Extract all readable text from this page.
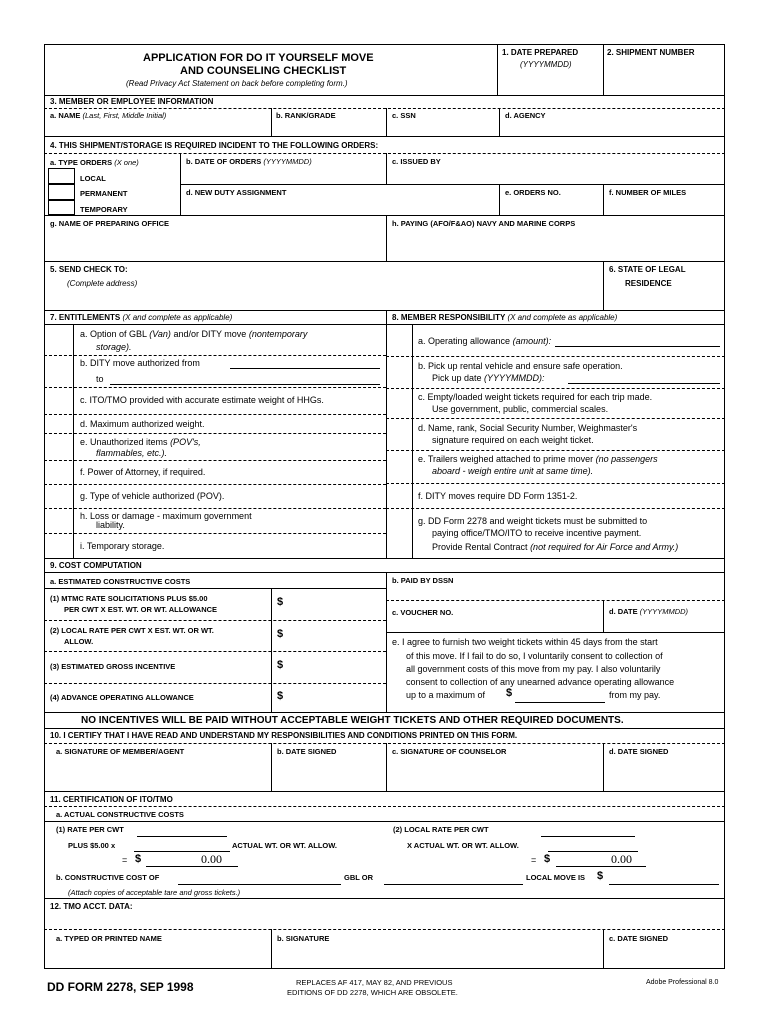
APPLICATION FOR DO IT YOURSELF MOVE
AND COUNSELING CHECKLIST
(Read Privacy Act Statement on back before completing form.)
1. DATE PREPARED
(YYYYMMDD)
2. SHIPMENT NUMBER
3. MEMBER OR EMPLOYEE INFORMATION
a. NAME (Last, First, Middle Initial)	b. RANK/GRADE	c. SSN	d. AGENCY
4. THIS SHIPMENT/STORAGE IS REQUIRED INCIDENT TO THE FOLLOWING ORDERS:
a. TYPE ORDERS (X one)	b. DATE OF ORDERS (YYYYMMDD)	c. ISSUED BY
LOCAL
PERMANENT
TEMPORARY
d. NEW DUTY ASSIGNMENT	e. ORDERS NO.	f. NUMBER OF MILES
g. NAME OF PREPARING OFFICE	h. PAYING (AFO/F&AO) NAVY AND MARINE CORPS
5. SEND CHECK TO:
(Complete address)
6. STATE OF LEGAL
RESIDENCE
7. ENTITLEMENTS (X and complete as applicable)	8. MEMBER RESPONSIBILITY (X and complete as applicable)
a. Option of GBL (Van) and/or DITY move (nontemporary
storage).
b. DITY move authorized from
to
c. ITO/TMO provided with accurate estimate weight of HHGs.
d. Maximum authorized weight.
e. Unauthorized items (POV's,
flammables, etc.).
f. Power of Attorney, if required.
g. Type of vehicle authorized (POV).
h. Loss or damage - maximum government
liability.
i. Temporary storage.
a. Operating allowance (amount):
b. Pick up rental vehicle and ensure safe operation.
Pick up date (YYYYMMDD):
c. Empty/loaded weight tickets required for each trip made.
Use government, public, commercial scales.
d. Name, rank, Social Security Number, Weighmaster's
signature required on each weight ticket.
e. Trailers weighed attached to prime mover (no passengers
aboard - weigh entire unit at same time).
f. DITY moves require DD Form 1351-2.
g. DD Form 2278 and weight tickets must be submitted to
paying office/TMO/ITO to receive incentive payment.
Provide Rental Contract (not required for Air Force and Army.)
9. COST COMPUTATION
a. ESTIMATED CONSTRUCTIVE COSTS	b. PAID BY DSSN
(1) MTMC RATE SOLICITATIONS PLUS $5.00
PER CWT X EST. WT. OR WT. ALLOWANCE
$
(2) LOCAL RATE PER CWT X EST. WT. OR WT.
ALLOW.
$
(3) ESTIMATED GROSS INCENTIVE	$
(4) ADVANCE OPERATING ALLOWANCE	$
c. VOUCHER NO.	d. DATE (YYYYMMDD)
e. I agree to furnish two weight tickets within 45 days from the start
of this move. If I fail to do so, I voluntarily consent to collection of
all government costs of this move from my pay. I also voluntarily
consent to collection of any unearned advance operating allowance
up to a maximum of $	from my pay.
NO INCENTIVES WILL BE PAID WITHOUT ACCEPTABLE WEIGHT TICKETS AND OTHER REQUIRED DOCUMENTS.
10. I CERTIFY THAT I HAVE READ AND UNDERSTAND MY RESPONSIBILITIES AND CONDITIONS PRINTED ON THIS FORM.
a. SIGNATURE OF MEMBER/AGENT	b. DATE SIGNED	c. SIGNATURE OF COUNSELOR	d. DATE SIGNED
11. CERTIFICATION OF ITO/TMO
a. ACTUAL CONSTRUCTIVE COSTS
(1) RATE PER CWT
PLUS $5.00 x	ACTUAL WT. OR WT. ALLOW.
= $	0.00
(2) LOCAL RATE PER CWT
X ACTUAL WT. OR WT. ALLOW.
= $	0.00
b. CONSTRUCTIVE COST OF	GBL OR	LOCAL MOVE IS $
(Attach copies of acceptable tare and gross tickets.)
12. TMO ACCT. DATA:
a. TYPED OR PRINTED NAME	b. SIGNATURE	c. DATE SIGNED
DD FORM 2278, SEP 1998	REPLACES AF 417, MAY 82, AND PREVIOUS
EDITIONS OF DD 2278, WHICH ARE OBSOLETE.
Adobe Professional 8.0
